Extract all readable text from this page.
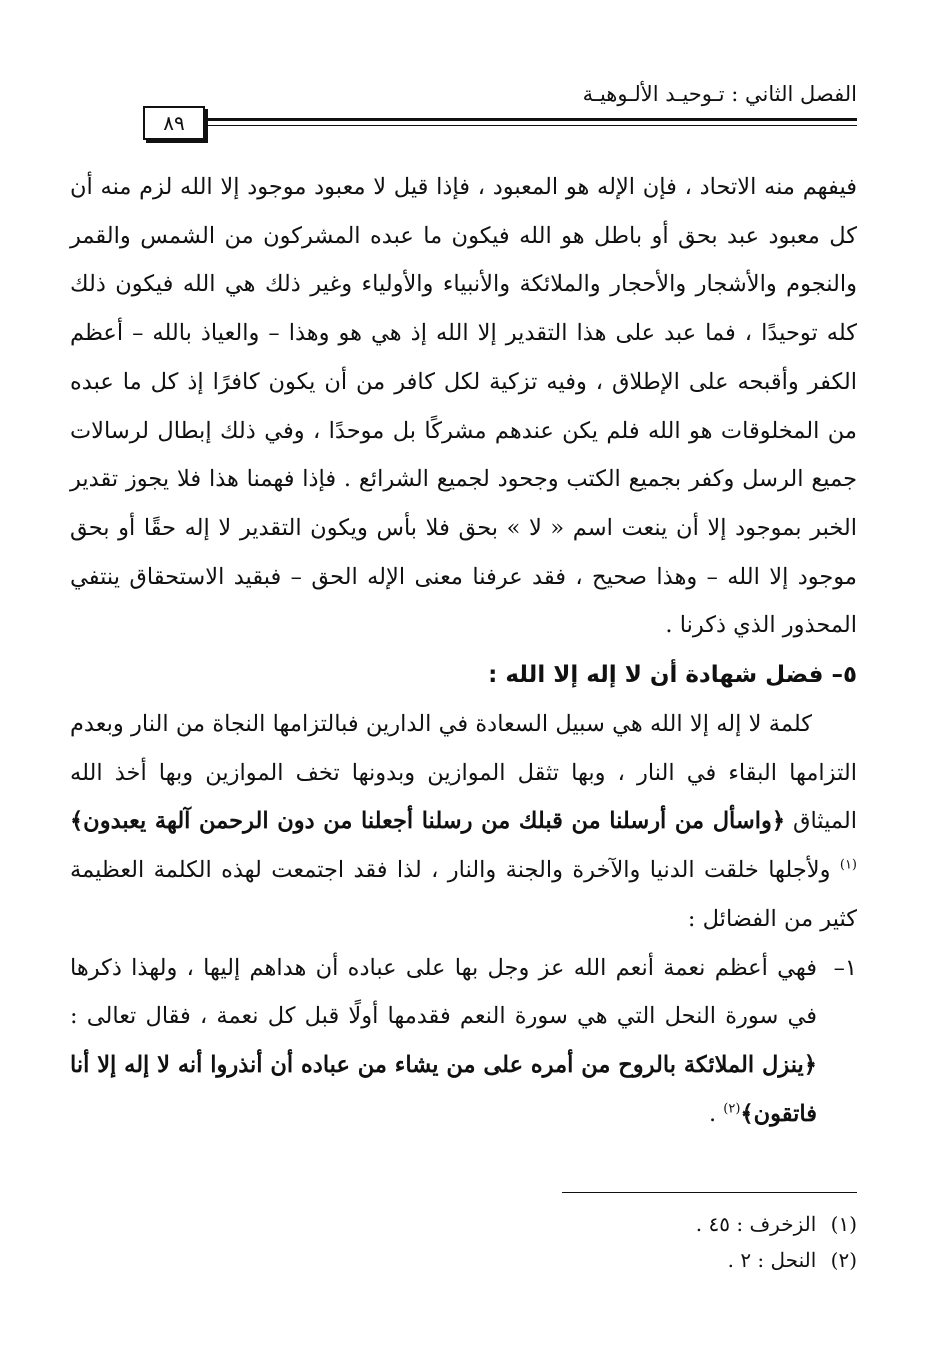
الفصل الثاني : تـوحيـد الألـوهيـة
٨٩

فيفهم منه الاتحاد ، فإن الإله هو المعبود ، فإذا قيل لا معبود موجود إلا الله لزم منه أن كل معبود عبد بحق أو باطل هو الله فيكون ما عبده المشركون من الشمس والقمر والنجوم والأشجار والأحجار والملائكة والأنبياء والأولياء وغير ذلك هي الله فيكون ذلك كله توحيدًا ، فما عبد على هذا التقدير إلا الله إذ هي هو وهذا – والعياذ بالله – أعظم الكفر وأقبحه على الإطلاق ، وفيه تزكية لكل كافر من أن يكون كافرًا إذ كل ما عبده من المخلوقات هو الله فلم يكن عندهم مشركًا بل موحدًا ، وفي ذلك إبطال لرسالات جميع الرسل وكفر بجميع الكتب وجحود لجميع الشرائع . فإذا فهمنا هذا فلا يجوز تقدير الخبر بموجود إلا أن ينعت اسم « لا » بحق فلا بأس ويكون التقدير لا إله حقًا أو بحق موجود إلا الله – وهذا صحيح ، فقد عرفنا معنى الإله الحق – فبقيد الاستحقاق ينتفي المحذور الذي ذكرنا .

٥– فضل شهادة أن لا إله إلا الله :

كلمة لا إله إلا الله هي سبيل السعادة في الدارين فبالتزامها النجاة من النار وبعدم التزامها البقاء في النار ، وبها تثقل الموازين وبدونها تخف الموازين وبها أخذ الله الميثاق ﴿واسأل من أرسلنا من قبلك من رسلنا أجعلنا من دون الرحمن آلهة يعبدون﴾$^{(١)}$ ولأجلها خلقت الدنيا والآخرة والجنة والنار ، لذا فقد اجتمعت لهذه الكلمة العظيمة كثير من الفضائل :

١–
فهي أعظم نعمة أنعم الله عز وجل بها على عباده أن هداهم إليها ، ولهذا ذكرها في سورة النحل التي هي سورة النعم فقدمها أولًا قبل كل نعمة ، فقال تعالى : ﴿ينزل الملائكة بالروح من أمره على من يشاء من عباده أن أنذروا أنه لا إله إلا أنا فاتقون﴾$^{(٢)}$ .

(١) الزخرف : ٤٥ .

(٢) النحل : ٢ .
